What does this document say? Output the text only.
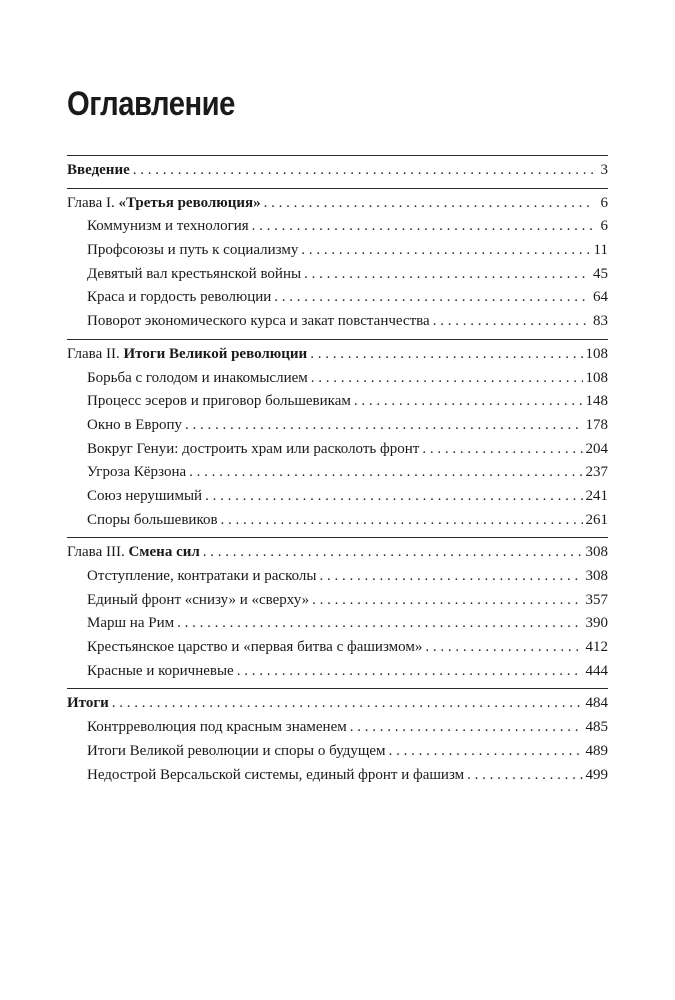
Оглавление
Введение . . .	3
Глава I. «Третья революция» . . .	6
Коммунизм и технология . . .	6
Профсоюзы и путь к социализму . . .	11
Девятый вал крестьянской войны . . .	45
Краса и гордость революции . . .	64
Поворот экономического курса и закат повстанчества . . .	83
Глава II. Итоги Великой революции . . .	108
Борьба с голодом и инакомыслием . . .	108
Процесс эсеров и приговор большевикам . . .	148
Окно в Европу . . .	178
Вокруг Генуи: достроить храм или расколоть фронт . . .	204
Угроза Кёрзона . . .	237
Союз нерушимый . . .	241
Споры большевиков . . .	261
Глава III. Смена сил . . .	308
Отступление, контратаки и расколы . . .	308
Единый фронт «снизу» и «сверху» . . .	357
Марш на Рим . . .	390
Крестьянское царство и «первая битва с фашизмом» . . .	412
Красные и коричневые . . .	444
Итоги . . .	484
Контрреволюция под красным знаменем . . .	485
Итоги Великой революции и споры о будущем . . .	489
Недострой Версальской системы, единый фронт и фашизм . . .	499
